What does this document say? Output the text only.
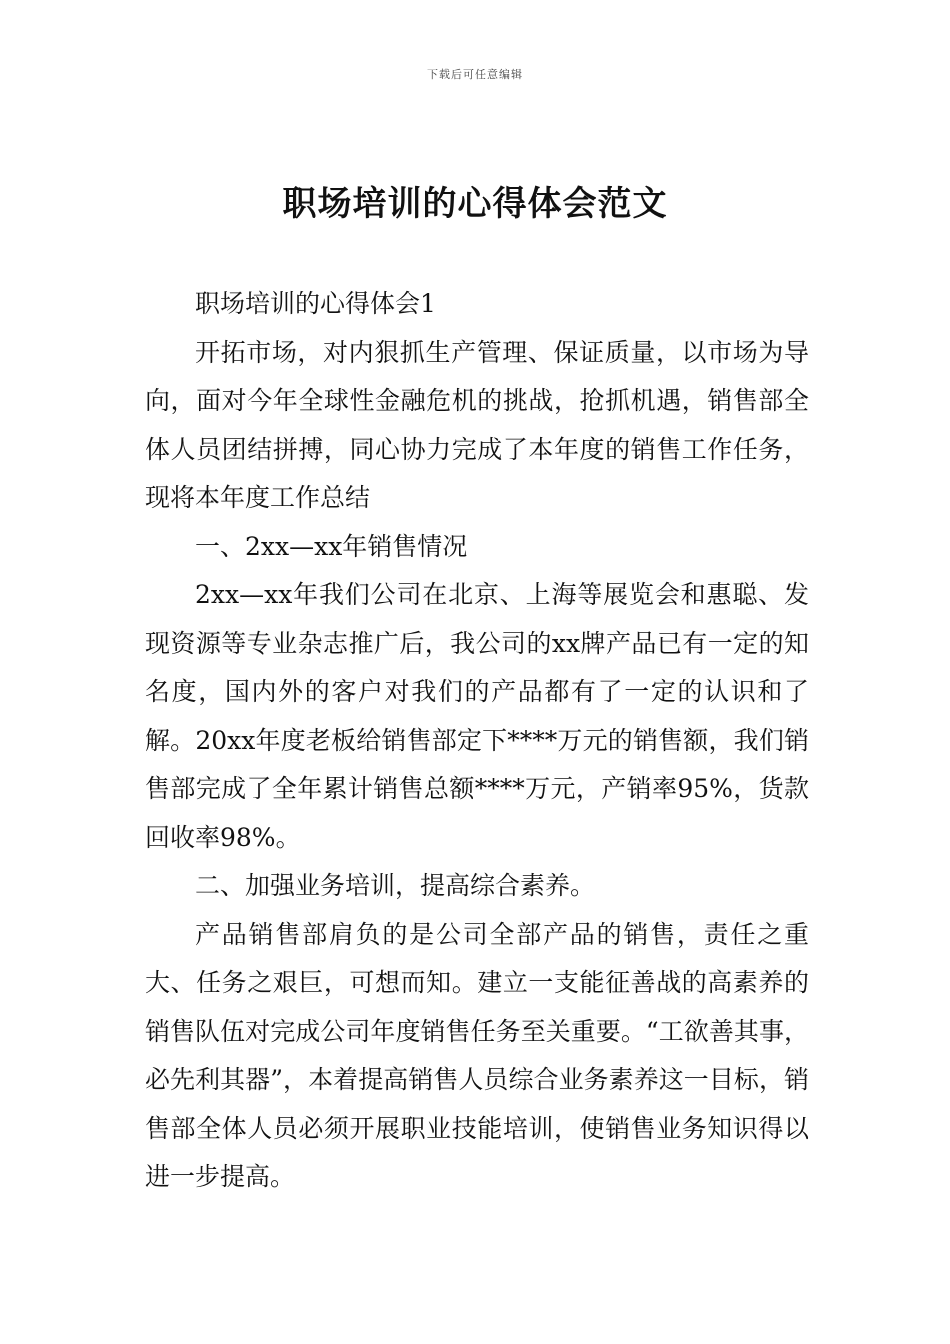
下载后可任意编辑
职场培训的心得体会范文

职场培训的心得体会1

开拓市场，对内狠抓生产管理、保证质量，以市场为导向，面对今年全球性金融危机的挑战，抢抓机遇，销售部全体人员团结拼搏，同心协力完成了本年度的销售工作任务，现将本年度工作总结

一、2xx—xx年销售情况

2xx—xx年我们公司在北京、上海等展览会和惠聪、发现资源等专业杂志推广后，我公司的xx牌产品已有一定的知名度，国内外的客户对我们的产品都有了一定的认识和了解。20xx年度老板给销售部定下****万元的销售额，我们销售部完成了全年累计销售总额****万元，产销率95%，货款回收率98%。

二、加强业务培训，提高综合素养。

产品销售部肩负的是公司全部产品的销售，责任之重大、任务之艰巨，可想而知。建立一支能征善战的高素养的销售队伍对完成公司年度销售任务至关重要。“工欲善其事，必先利其器”，本着提高销售人员综合业务素养这一目标，销售部全体人员必须开展职业技能培训，使销售业务知识得以进一步提高。
